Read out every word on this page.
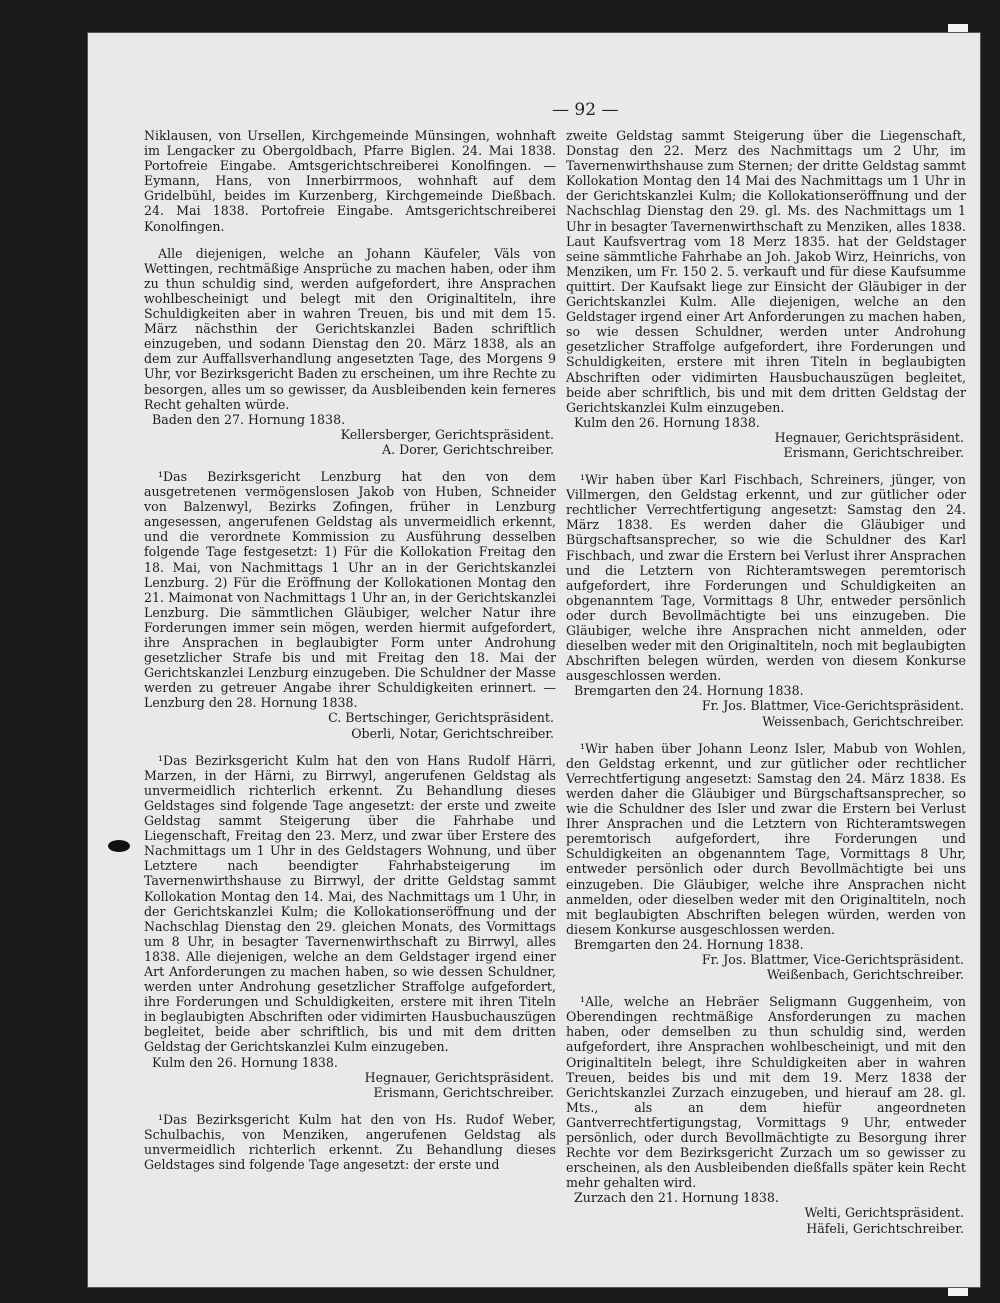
— 92 —

Niklausen, von Ursellen, Kirchgemeinde Münsingen, wohnhaft im Lengacker zu Obergoldbach, Pfarre Biglen. 24. Mai 1838. Portofreie Eingabe. Amtsgerichtschreiberei Konolfingen. — Eymann, Hans, von Innerbirrmoos, wohnhaft auf dem Gridelbühl, beides im Kurzenberg, Kirchgemeinde Dießbach. 24. Mai 1838. Portofreie Eingabe. Amtsgerichtschreiberei Konolfingen.

Alle diejenigen, welche an Johann Käufeler, Väls von Wettingen, rechtmäßige Ansprüche zu machen haben, oder ihm zu thun schuldig sind, werden aufgefordert, ihre Ansprachen wohlbescheinigt und belegt mit den Originaltiteln, ihre Schuldigkeiten aber in wahren Treuen, bis und mit dem 15. März nächsthin der Gerichtskanzlei Baden schriftlich einzugeben, und sodann Dienstag den 20. März 1838, als an dem zur Auffallsverhandlung angesetzten Tage, des Morgens 9 Uhr, vor Bezirksgericht Baden zu erscheinen, um ihre Rechte zu besorgen, alles um so gewisser, da Ausbleibenden kein ferneres Recht gehalten würde.

Baden den 27. Hornung 1838.

Kellersberger, Gerichtspräsident.

A. Dorer, Gerichtschreiber.

¹Das Bezirksgericht Lenzburg hat den von dem ausgetretenen vermögenslosen Jakob von Huben, Schneider von Balzenwyl, Bezirks Zofingen, früher in Lenzburg angesessen, angerufenen Geldstag als unvermeidlich erkennt, und die verordnete Kommission zu Ausführung desselben folgende Tage festgesetzt: 1) Für die Kollokation Freitag den 18. Mai, von Nachmittags 1 Uhr an in der Gerichtskanzlei Lenzburg. 2) Für die Eröffnung der Kollokationen Montag den 21. Maimonat von Nachmittags 1 Uhr an, in der Gerichtskanzlei Lenzburg. Die sämmtlichen Gläubiger, welcher Natur ihre Forderungen immer sein mögen, werden hiermit aufgefordert, ihre Ansprachen in beglaubigter Form unter Androhung gesetzlicher Strafe bis und mit Freitag den 18. Mai der Gerichtskanzlei Lenzburg einzugeben. Die Schuldner der Masse werden zu getreuer Angabe ihrer Schuldigkeiten erinnert. — Lenzburg den 28. Hornung 1838.

C. Bertschinger, Gerichtspräsident.

Oberli, Notar, Gerichtschreiber.

¹Das Bezirksgericht Kulm hat den von Hans Rudolf Härri, Marzen, in der Härni, zu Birrwyl, angerufenen Geldstag als unvermeidlich richterlich erkennt. Zu Behandlung dieses Geldstages sind folgende Tage angesetzt: der erste und zweite Geldstag sammt Steigerung über die Fahrhabe und Liegenschaft, Freitag den 23. Merz, und zwar über Erstere des Nachmittags um 1 Uhr in des Geldstagers Wohnung, und über Letztere nach beendigter Fahrhabsteigerung im Tavernenwirthshause zu Birrwyl, der dritte Geldstag sammt Kollokation Montag den 14. Mai, des Nachmittags um 1 Uhr, in der Gerichtskanzlei Kulm; die Kollokationseröffnung und der Nachschlag Dienstag den 29. gleichen Monats, des Vormittags um 8 Uhr, in besagter Tavernenwirthschaft zu Birrwyl, alles 1838. Alle diejenigen, welche an dem Geldstager irgend einer Art Anforderungen zu machen haben, so wie dessen Schuldner, werden unter Androhung gesetzlicher Straffolge aufgefordert, ihre Forderungen und Schuldigkeiten, erstere mit ihren Titeln in beglaubigten Abschriften oder vidimirten Hausbuchauszügen begleitet, beide aber schriftlich, bis und mit dem dritten Geldstag der Gerichtskanzlei Kulm einzugeben.

Kulm den 26. Hornung 1838.

Hegnauer, Gerichtspräsident.

Erismann, Gerichtschreiber.

¹Das Bezirksgericht Kulm hat den von Hs. Rudof Weber, Schulbachis, von Menziken, angerufenen Geldstag als unvermeidlich richterlich erkennt. Zu Behandlung dieses Geldstages sind folgende Tage angesetzt: der erste und

zweite Geldstag sammt Steigerung über die Liegenschaft, Donstag den 22. Merz des Nachmittags um 2 Uhr, im Tavernenwirthshause zum Sternen; der dritte Geldstag sammt Kollokation Montag den 14 Mai des Nachmittags um 1 Uhr in der Gerichtskanzlei Kulm; die Kollokationseröffnung und der Nachschlag Dienstag den 29. gl. Ms. des Nachmittags um 1 Uhr in besagter Tavernenwirthschaft zu Menziken, alles 1838. Laut Kaufsvertrag vom 18 Merz 1835. hat der Geldstager seine sämmtliche Fahrhabe an Joh. Jakob Wirz, Heinrichs, von Menziken, um Fr. 150 2. 5. verkauft und für diese Kaufsumme quittirt. Der Kaufsakt liege zur Einsicht der Gläubiger in der Gerichtskanzlei Kulm. Alle diejenigen, welche an den Geldstager irgend einer Art Anforderungen zu machen haben, so wie dessen Schuldner, werden unter Androhung gesetzlicher Straffolge aufgefordert, ihre Forderungen und Schuldigkeiten, erstere mit ihren Titeln in beglaubigten Abschriften oder vidimirten Hausbuchauszügen begleitet, beide aber schriftlich, bis und mit dem dritten Geldstag der Gerichtskanzlei Kulm einzugeben.

Kulm den 26. Hornung 1838.

Hegnauer, Gerichtspräsident.

Erismann, Gerichtschreiber.

¹Wir haben über Karl Fischbach, Schreiners, jünger, von Villmergen, den Geldstag erkennt, und zur gütlicher oder rechtlicher Verrechtfertigung angesetzt: Samstag den 24. März 1838. Es werden daher die Gläubiger und Bürgschaftsansprecher, so wie die Schuldner des Karl Fischbach, und zwar die Erstern bei Verlust ihrer Ansprachen und die Letztern von Richteramtswegen peremtorisch aufgefordert, ihre Forderungen und Schuldigkeiten an obgenanntem Tage, Vormittags 8 Uhr, entweder persönlich oder durch Bevollmächtigte bei uns einzugeben. Die Gläubiger, welche ihre Ansprachen nicht anmelden, oder dieselben weder mit den Originaltiteln, noch mit beglaubigten Abschriften belegen würden, werden von diesem Konkurse ausgeschlossen werden.

Bremgarten den 24. Hornung 1838.

Fr. Jos. Blattmer, Vice-Gerichtspräsident.

Weissenbach, Gerichtschreiber.

¹Wir haben über Johann Leonz Isler, Mabub von Wohlen, den Geldstag erkennt, und zur gütlicher oder rechtlicher Verrechtfertigung angesetzt: Samstag den 24. März 1838. Es werden daher die Gläubiger und Bürgschaftsansprecher, so wie die Schuldner des Isler und zwar die Erstern bei Verlust Ihrer Ansprachen und die Letztern von Richteramtswegen peremtorisch aufgefordert, ihre Forderungen und Schuldigkeiten an obgenanntem Tage, Vormittags 8 Uhr, entweder persönlich oder durch Bevollmächtigte bei uns einzugeben. Die Gläubiger, welche ihre Ansprachen nicht anmelden, oder dieselben weder mit den Originaltiteln, noch mit beglaubigten Abschriften belegen würden, werden von diesem Konkurse ausgeschlossen werden.

Bremgarten den 24. Hornung 1838.

Fr. Jos. Blattmer, Vice-Gerichtspräsident.

Weißenbach, Gerichtschreiber.

¹Alle, welche an Hebräer Seligmann Guggenheim, von Oberendingen rechtmäßige Ansforderungen zu machen haben, oder demselben zu thun schuldig sind, werden aufgefordert, ihre Ansprachen wohlbescheinigt, und mit den Originaltiteln belegt, ihre Schuldigkeiten aber in wahren Treuen, beides bis und mit dem 19. Merz 1838 der Gerichtskanzlei Zurzach einzugeben, und hierauf am 28. gl. Mts., als an dem hiefür angeordneten Gantverrechtfertigungstag, Vormittags 9 Uhr, entweder persönlich, oder durch Bevollmächtigte zu Besorgung ihrer Rechte vor dem Bezirksgericht Zurzach um so gewisser zu erscheinen, als den Ausbleibenden dießfalls später kein Recht mehr gehalten wird.

Zurzach den 21. Hornung 1838.

Welti, Gerichtspräsident.

Häfeli, Gerichtschreiber.
